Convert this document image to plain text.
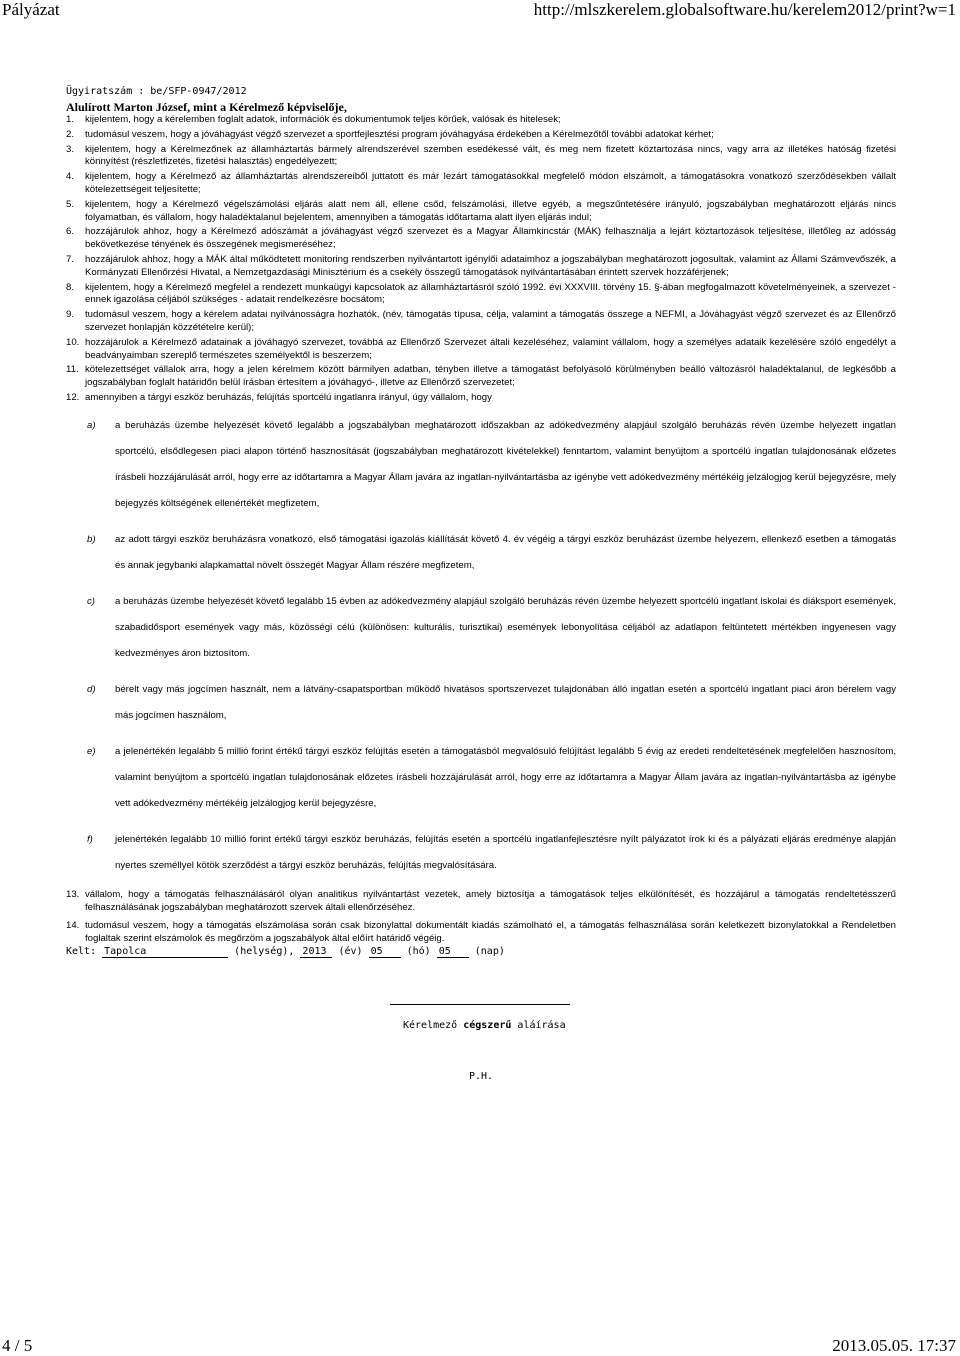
Pályázat	http://mlszkerelem.globalsoftware.hu/kerelem2012/print?w=1
Ügyiratszám : be/SFP-0947/2012
Alulírott Marton József, mint a Kérelmező képviselője,
1. kijelentem, hogy a kérelemben foglalt adatok, információk és dokumentumok teljes körűek, valósak és hitelesek;
2. tudomásul veszem, hogy a jóváhagyást végző szervezet a sportfejlesztési program jóváhagyása érdekében a Kérelmezőtől további adatokat kérhet;
3. kijelentem, hogy a Kérelmezőnek az államháztartás bármely alrendszerével szemben esedékessé vált, és meg nem fizetett köztartozása nincs, vagy arra az illetékes hatóság fizetési könnyítést (részletfizetés, fizetési halasztás) engedélyezett;
4. kijelentem, hogy a Kérelmező az államháztartás alrendszereiből juttatott és már lezárt támogatásokkal megfelelő módon elszámolt, a támogatásokra vonatkozó szerződésekben vállalt kötelezettségeit teljesítette;
5. kijelentem, hogy a Kérelmező végelszámolási eljárás alatt nem áll, ellene csőd, felszámolási, illetve egyéb, a megszűntetésére irányuló, jogszabályban meghatározott eljárás nincs folyamatban, és vállalom, hogy haladéktalanul bejelentem, amennyiben a támogatás időtartama alatt ilyen eljárás indul;
6. hozzájárulok ahhoz, hogy a Kérelmező adószámát a jóváhagyást végző szervezet és a Magyar Államkincstár (MÁK) felhasználja a lejárt köztartozások teljesítése, illetőleg az adósság bekövetkezése tényének és összegének megismeréséhez;
7. hozzájárulok ahhoz, hogy a MÁK által működtetett monitoring rendszerben nyilvántartott igénylői adataimhoz a jogszabályban meghatározott jogosultak, valamint az Állami Számvevőszék, a Kormányzati Ellenőrzési Hivatal, a Nemzetgazdasági Minisztérium és a csekély összegű támogatások nyilvántartásában érintett szervek hozzáférjenek;
8. kijelentem, hogy a Kérelmező megfelel a rendezett munkaügyi kapcsolatok az államháztartásról szóló 1992. évi XXXVIII. törvény 15. §-ában megfogalmazott követelményeinek, a szervezet - ennek igazolása céljából szükséges - adatait rendelkezésre bocsátom;
9. tudomásul veszem, hogy a kérelem adatai nyilvánosságra hozhatók, (név, támogatás típusa, célja, valamint a támogatás összege a NEFMI, a Jóváhagyást végző szervezet és az Ellenőrző szervezet honlapján közzétételre kerül);
10. hozzájárulok a Kérelmező adatainak a jóváhagyó szervezet, továbbá az Ellenőrző Szervezet általi kezeléséhez, valamint vállalom, hogy a személyes adataik kezelésére szóló engedélyt a beadványaimban szereplő természetes személyektől is beszerzem;
11. kötelezettséget vállalok arra, hogy a jelen kérelmem között bármilyen adatban, tényben illetve a támogatást befolyásoló körülményben beálló változásról haladéktalanul, de legkésőbb a jogszabályban foglalt határidőn belül írásban értesítem a jóváhagyó-, illetve az Ellenőrző szervezetet;
12. amennyiben a tárgyi eszköz beruházás, felújítás sportcélú ingatlanra irányul, úgy vállalom, hogy
a) a beruházás üzembe helyezését követő legalább a jogszabályban meghatározott időszakban az adókedvezmény alapjául szolgáló beruházás révén üzembe helyezett ingatlan sportcélú, elsődlegesen piaci alapon történő hasznosítását (jogszabályban meghatározott kivételekkel) fenntartom, valamint benyújtom a sportcélú ingatlan tulajdonosának előzetes írásbeli hozzájárulását arról, hogy erre az időtartamra a Magyar Állam javára az ingatlan-nyilvántartásba az igénybe vett adókedvezmény mértékéig jelzálogjog kerül bejegyzésre, mely bejegyzés költségének ellenértékét megfizetem,
b) az adott tárgyi eszköz beruházásra vonatkozó, első támogatási igazolás kiállítását követő 4. év végéig a tárgyi eszköz beruházást üzembe helyezem, ellenkező esetben a támogatás és annak jegybanki alapkamattal növelt összegét Magyar Állam részére megfizetem,
c) a beruházás üzembe helyezését követő legalább 15 évben az adókedvezmény alapjául szolgáló beruházás révén üzembe helyezett sportcélú ingatlant iskolai és diáksport események, szabadidősport események vagy más, közösségi célú (különösen: kulturális, turisztikai) események lebonyolítása céljából az adatlapon feltüntetett mértékben ingyenesen vagy kedvezményes áron biztosítom.
d) bérelt vagy más jogcímen használt, nem a látvány-csapatsportban működő hivatásos sportszervezet tulajdonában álló ingatlan esetén a sportcélú ingatlant piaci áron bérelem vagy más jogcímen használom,
e) a jelenértékén legalább 5 millió forint értékű tárgyi eszköz felújítás esetén a támogatásból megvalósuló felújítást legalább 5 évig az eredeti rendeltetésének megfelelően hasznosítom, valamint benyújtom a sportcélú ingatlan tulajdonosának előzetes írásbeli hozzájárulását arról, hogy erre az időtartamra a Magyar Állam javára az ingatlan-nyilvántartásba az igénybe vett adókedvezmény mértékéig jelzálogjog kerül bejegyzésre,
f) jelenértékén legalább 10 millió forint értékű tárgyi eszköz beruházás, felújítás esetén a sportcélú ingatlanfejlesztésre nyílt pályázatot írok ki és a pályázati eljárás eredménye alapján nyertes személlyel kötök szerződést a tárgyi eszköz beruházás, felújítás megvalósítására.
13. vállalom, hogy a támogatás felhasználásáról olyan analitikus nyilvántartást vezetek, amely biztosítja a támogatások teljes elkülönítését, és hozzájárul a támogatás rendeltetésszerű felhasználásának jogszabályban meghatározott szervek általi ellenőrzéséhez.
14. tudomásul veszem, hogy a támogatás elszámolása során csak bizonylattal dokumentált kiadás számolható el, a támogatás felhasználása során keletkezett bizonylatokkal a Rendeletben foglaltak szerint elszámolok és megőrzöm a jogszabályok által előírt határidő végéig.
Kelt: Tapolca	(helység), 2013 (év) 05 (hó) 05 (nap)
Kérelmező cégszerű aláírása
P.H.
4 / 5	2013.05.05. 17:37
